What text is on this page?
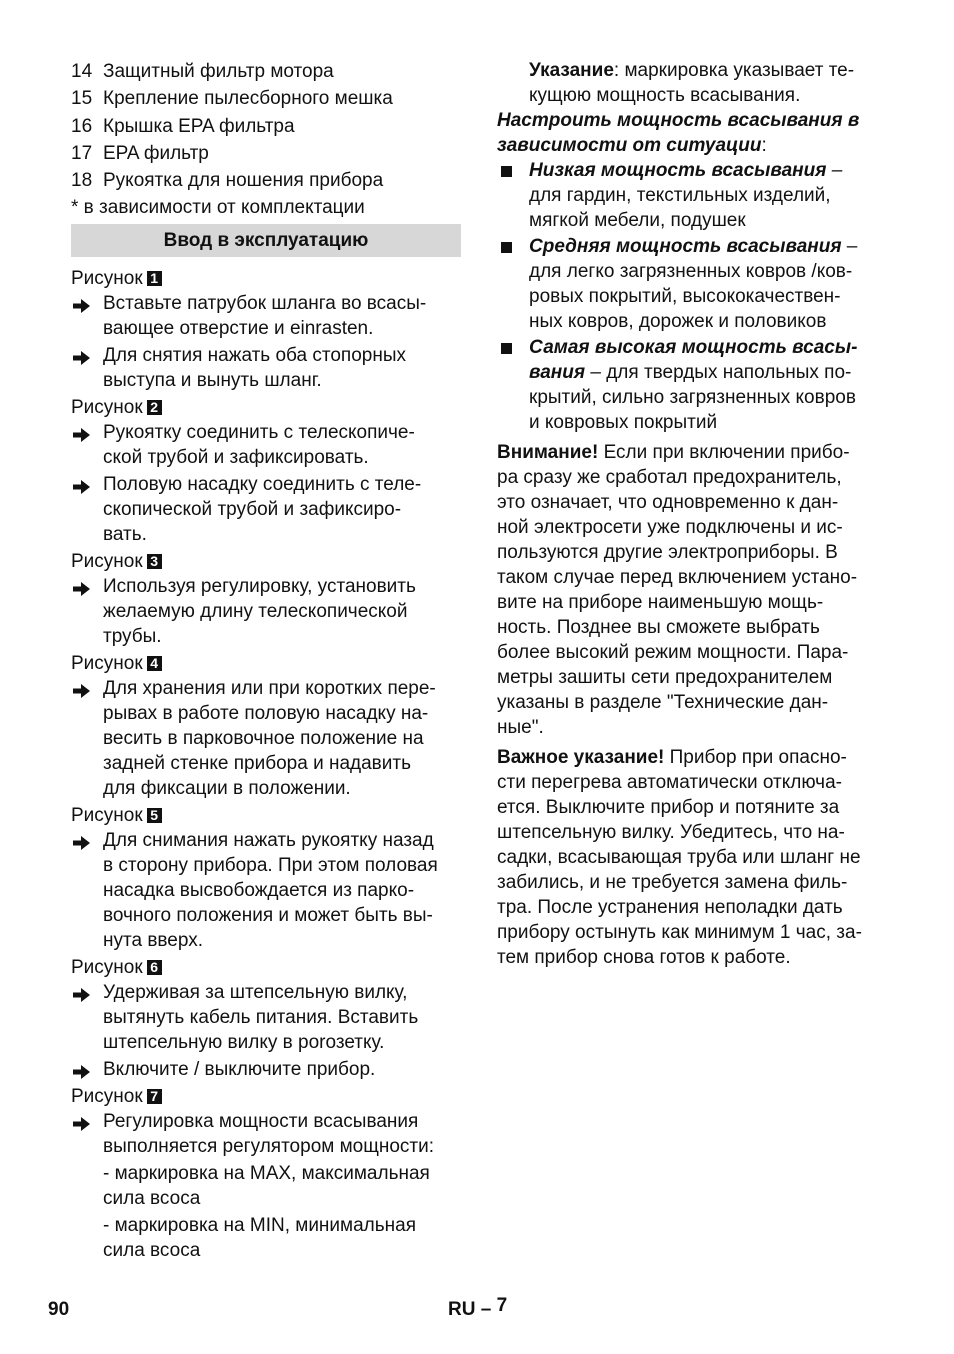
14 Защитный фильтр мотора
15 Крепление пылесборного мешка
16 Крышка EPA фильтра
17 EPA фильтр
18 Рукоятка для ношения прибора
* в зависимости от комплектации
Ввод в эксплуатацию
Рисунок 1
Вставьте патрубок шланга во всасы-
вающее отверстие и einrasten.
Для снятия нажать оба стопорных
выступа и вынуть шланг.
Рисунок 2
Рукоятку соединить с телескопиче-
ской трубой и зафиксировать.
Половую насадку соединить с теле-
скопической трубой и зафиксиро-
вать.
Рисунок 3
Используя регулировку, установить
желаемую длину телескопической
трубы.
Рисунок 4
Для хранения или при коротких пере-
рывах в работе половую насадку на-
весить в парковочное положение на
задней стенке прибора и надавить
для фиксации в положении.
Рисунок 5
Для снимания нажать рукоятку назад
в сторону прибора. При этом половая
насадка высвобождается из парко-
вочного положения и может быть вы-
нута вверх.
Рисунок 6
Удерживая за штепсельную вилку,
вытянуть кабель питания. Вставить
штепсельную вилку в роrозетку.
Включите / выключите прибор.
Рисунок 7
Регулировка мощности всасывания
выполняется регулятором мощности:
- маркировка на MAX, максимальная
сила всоса
- маркировка на MIN, минимальная
сила всоса
Указание: маркировка указывает те-
кущюю мощность всасывания.
Настроить мощность всасывания в
зависимости от ситуации:
Низкая мощность всасывания –
для гардин, текстильных изделий,
мягкой мебели, подушек
Средняя мощность всасывания –
для легко загрязненных ковров /ков-
ровых покрытий, высококачествен-
ных ковров, дорожек и половиков
Самая высокая мощность всасы-
вания – для твердых напольных по-
крытий, сильно загрязненных ковров
и ковровых покрытий
Внимание! Если при включении прибо-
ра сразу же сработал предохранитель,
это означает, что одновременно к дан-
ной электросети уже подключены и ис-
пользуются другие электроприборы. В
таком случае перед включением устано-
вите на приборе наименьшую мощь-
ность. Позднее вы сможете выбрать
более высокий режим мощности. Пара-
метры зашиты сети предохранителем
указаны в разделе "Технические дан-
ные".
Важное указание! Прибор при опасно-
сти перегрева автоматически отключа-
ется. Выключите прибор и потяните за
штепсельную вилку. Убедитесь, что на-
садки, всасывающая труба или шланг не
забились, и не требуется замена филь-
тра. После устранения неполадки дать
прибору остынуть как минимум 1 час, за-
тем прибор снова готов к работе.
90	RU – 7
